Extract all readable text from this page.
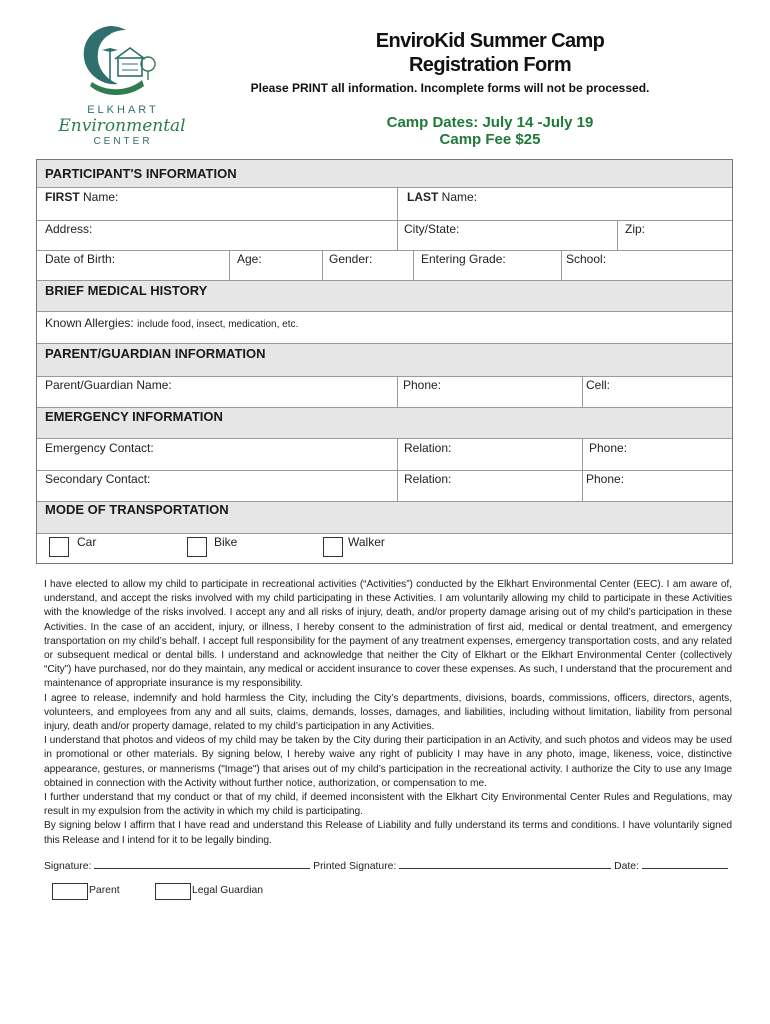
ELKHART
Environmental
CENTER
EnviroKid Summer Camp
Registration Form
Please PRINT all information. Incomplete forms will not be processed.
Camp Dates: July 14 -July 19
Camp Fee $25
PARTICIPANT'S INFORMATION
FIRST Name:	LAST Name:
Address:	City/State:	Zip:
Date of Birth:	Age:	Gender:	Entering Grade:	School:
BRIEF MEDICAL HISTORY
Known Allergies: include food, insect, medication, etc.
PARENT/GUARDIAN INFORMATION
Parent/Guardian Name:	Phone:	Cell:
EMERGENCY INFORMATION
Emergency Contact:	Relation:	Phone:
Secondary Contact:	Relation:	Phone:
MODE OF TRANSPORTATION
Car	Bike	Walker

I have elected to allow my child to participate in recreational activities (“Activities”) conducted by the Elkhart Environmental Center (EEC). I am aware of, understand, and accept the risks involved with my child participating in these Activities. I am voluntarily allowing my child to participate in these Activities with the knowledge of the risks involved. I accept any and all risks of injury, death, and/or property damage arising out of my child’s participation in these Activities. In the case of an accident, injury, or illness, I hereby consent to the administration of first aid, medical or dental treatment, and emergency transportation on my child’s behalf. I accept full responsibility for the payment of any treatment expenses, emergency transportation costs, and any related or subsequent medical or dental bills. I understand and acknowledge that neither the City of Elkhart or the Elkhart Environmental Center (collectively “City”) have purchased, nor do they maintain, any medical or accident insurance to cover these expenses. As such, I understand that the procurement and maintenance of appropriate insurance is my responsibility.

I agree to release, indemnify and hold harmless the City, including the City’s departments, divisions, boards, commissions, officers, directors, agents, volunteers, and employees from any and all suits, claims, demands, losses, damages, and liabilities, including without limitation, liability from personal injury, death and/or property damage, related to my child’s participation in any Activities.

I understand that photos and videos of my child may be taken by the City during their participation in an Activity, and such photos and videos may be used in promotional or other materials. By signing below, I hereby waive any right of publicity I may have in any photo, image, likeness, voice, distinctive appearance, gestures, or mannerisms ("Image") that arises out of my child’s participation in the recreational activity. I authorize the City to use any Image obtained in connection with the Activity without further notice, authorization, or compensation to me.

I further understand that my conduct or that of my child, if deemed inconsistent with the Elkhart City Environmental Center Rules and Regulations, may result in my expulsion from the activity in which my child is participating.

By signing below I affirm that I have read and understand this Release of Liability and fully understand its terms and conditions. I have voluntarily signed this Release and I intend for it to be legally binding.

Signature:	Printed Signature:	Date:
Parent	Legal Guardian
